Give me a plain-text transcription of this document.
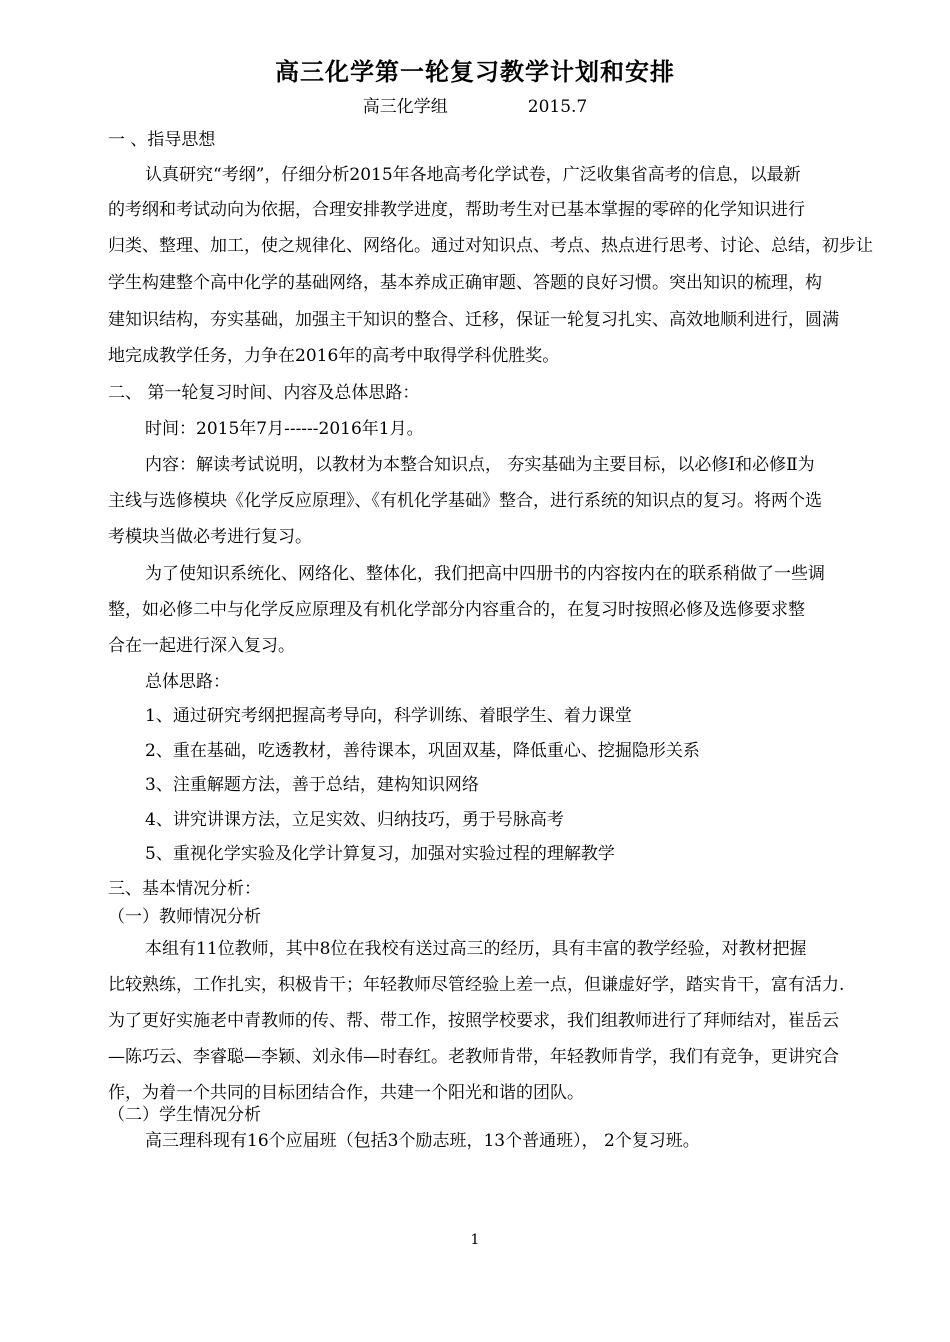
高三化学第一轮复习教学计划和安排
高三化学组	2015.7
一 、指导思想
认真研究“考纲”，仔细分析2015年各地高考化学试卷，广泛收集省高考的信息，以最新
的考纲和考试动向为依据，合理安排教学进度，帮助考生对已基本掌握的零碎的化学知识进行
归类、整理、加工，使之规律化、网络化。通过对知识点、考点、热点进行思考、讨论、总结，初步让
学生构建整个高中化学的基础网络，基本养成正确审题、答题的良好习惯。突出知识的梳理，构
建知识结构，夯实基础，加强主干知识的整合、迁移，保证一轮复习扎实、高效地顺利进行，圆满
地完成教学任务，力争在2016年的高考中取得学科优胜奖。
二、 第一轮复习时间、内容及总体思路：
时间：2015年7月------2016年1月。
内容：解读考试说明，以教材为本整合知识点， 夯实基础为主要目标，以必修Ⅰ和必修Ⅱ为
主线与选修模块《化学反应原理》、《有机化学基础》整合，进行系统的知识点的复习。将两个选
考模块当做必考进行复习。
为了使知识系统化、网络化、整体化，我们把高中四册书的内容按内在的联系稍做了一些调
整，如必修二中与化学反应原理及有机化学部分内容重合的，在复习时按照必修及选修要求整
合在一起进行深入复习。
总体思路：
1、通过研究考纲把握高考导向，科学训练、着眼学生、着力课堂
2、重在基础，吃透教材，善待课本，巩固双基，降低重心、挖掘隐形关系
3、注重解题方法，善于总结，建构知识网络
4、讲究讲课方法，立足实效、归纳技巧，勇于号脉高考
5、重视化学实验及化学计算复习，加强对实验过程的理解教学
三、基本情况分析：
（一）教师情况分析
本组有11位教师，其中8位在我校有送过高三的经历，具有丰富的教学经验，对教材把握
比较熟练，工作扎实，积极肯干；年轻教师尽管经验上差一点，但谦虚好学，踏实肯干，富有活力.
为了更好实施老中青教师的传、帮、带工作，按照学校要求，我们组教师进行了拜师结对，崔岳云
—陈巧云、李睿聪—李颖、刘永伟—时春红。老教师肯带，年轻教师肯学，我们有竞争，更讲究合
作，为着一个共同的目标团结合作，共建一个阳光和谐的团队。
（二）学生情况分析
高三理科现有16个应届班（包括3个励志班，13个普通班）， 2个复习班。
1
